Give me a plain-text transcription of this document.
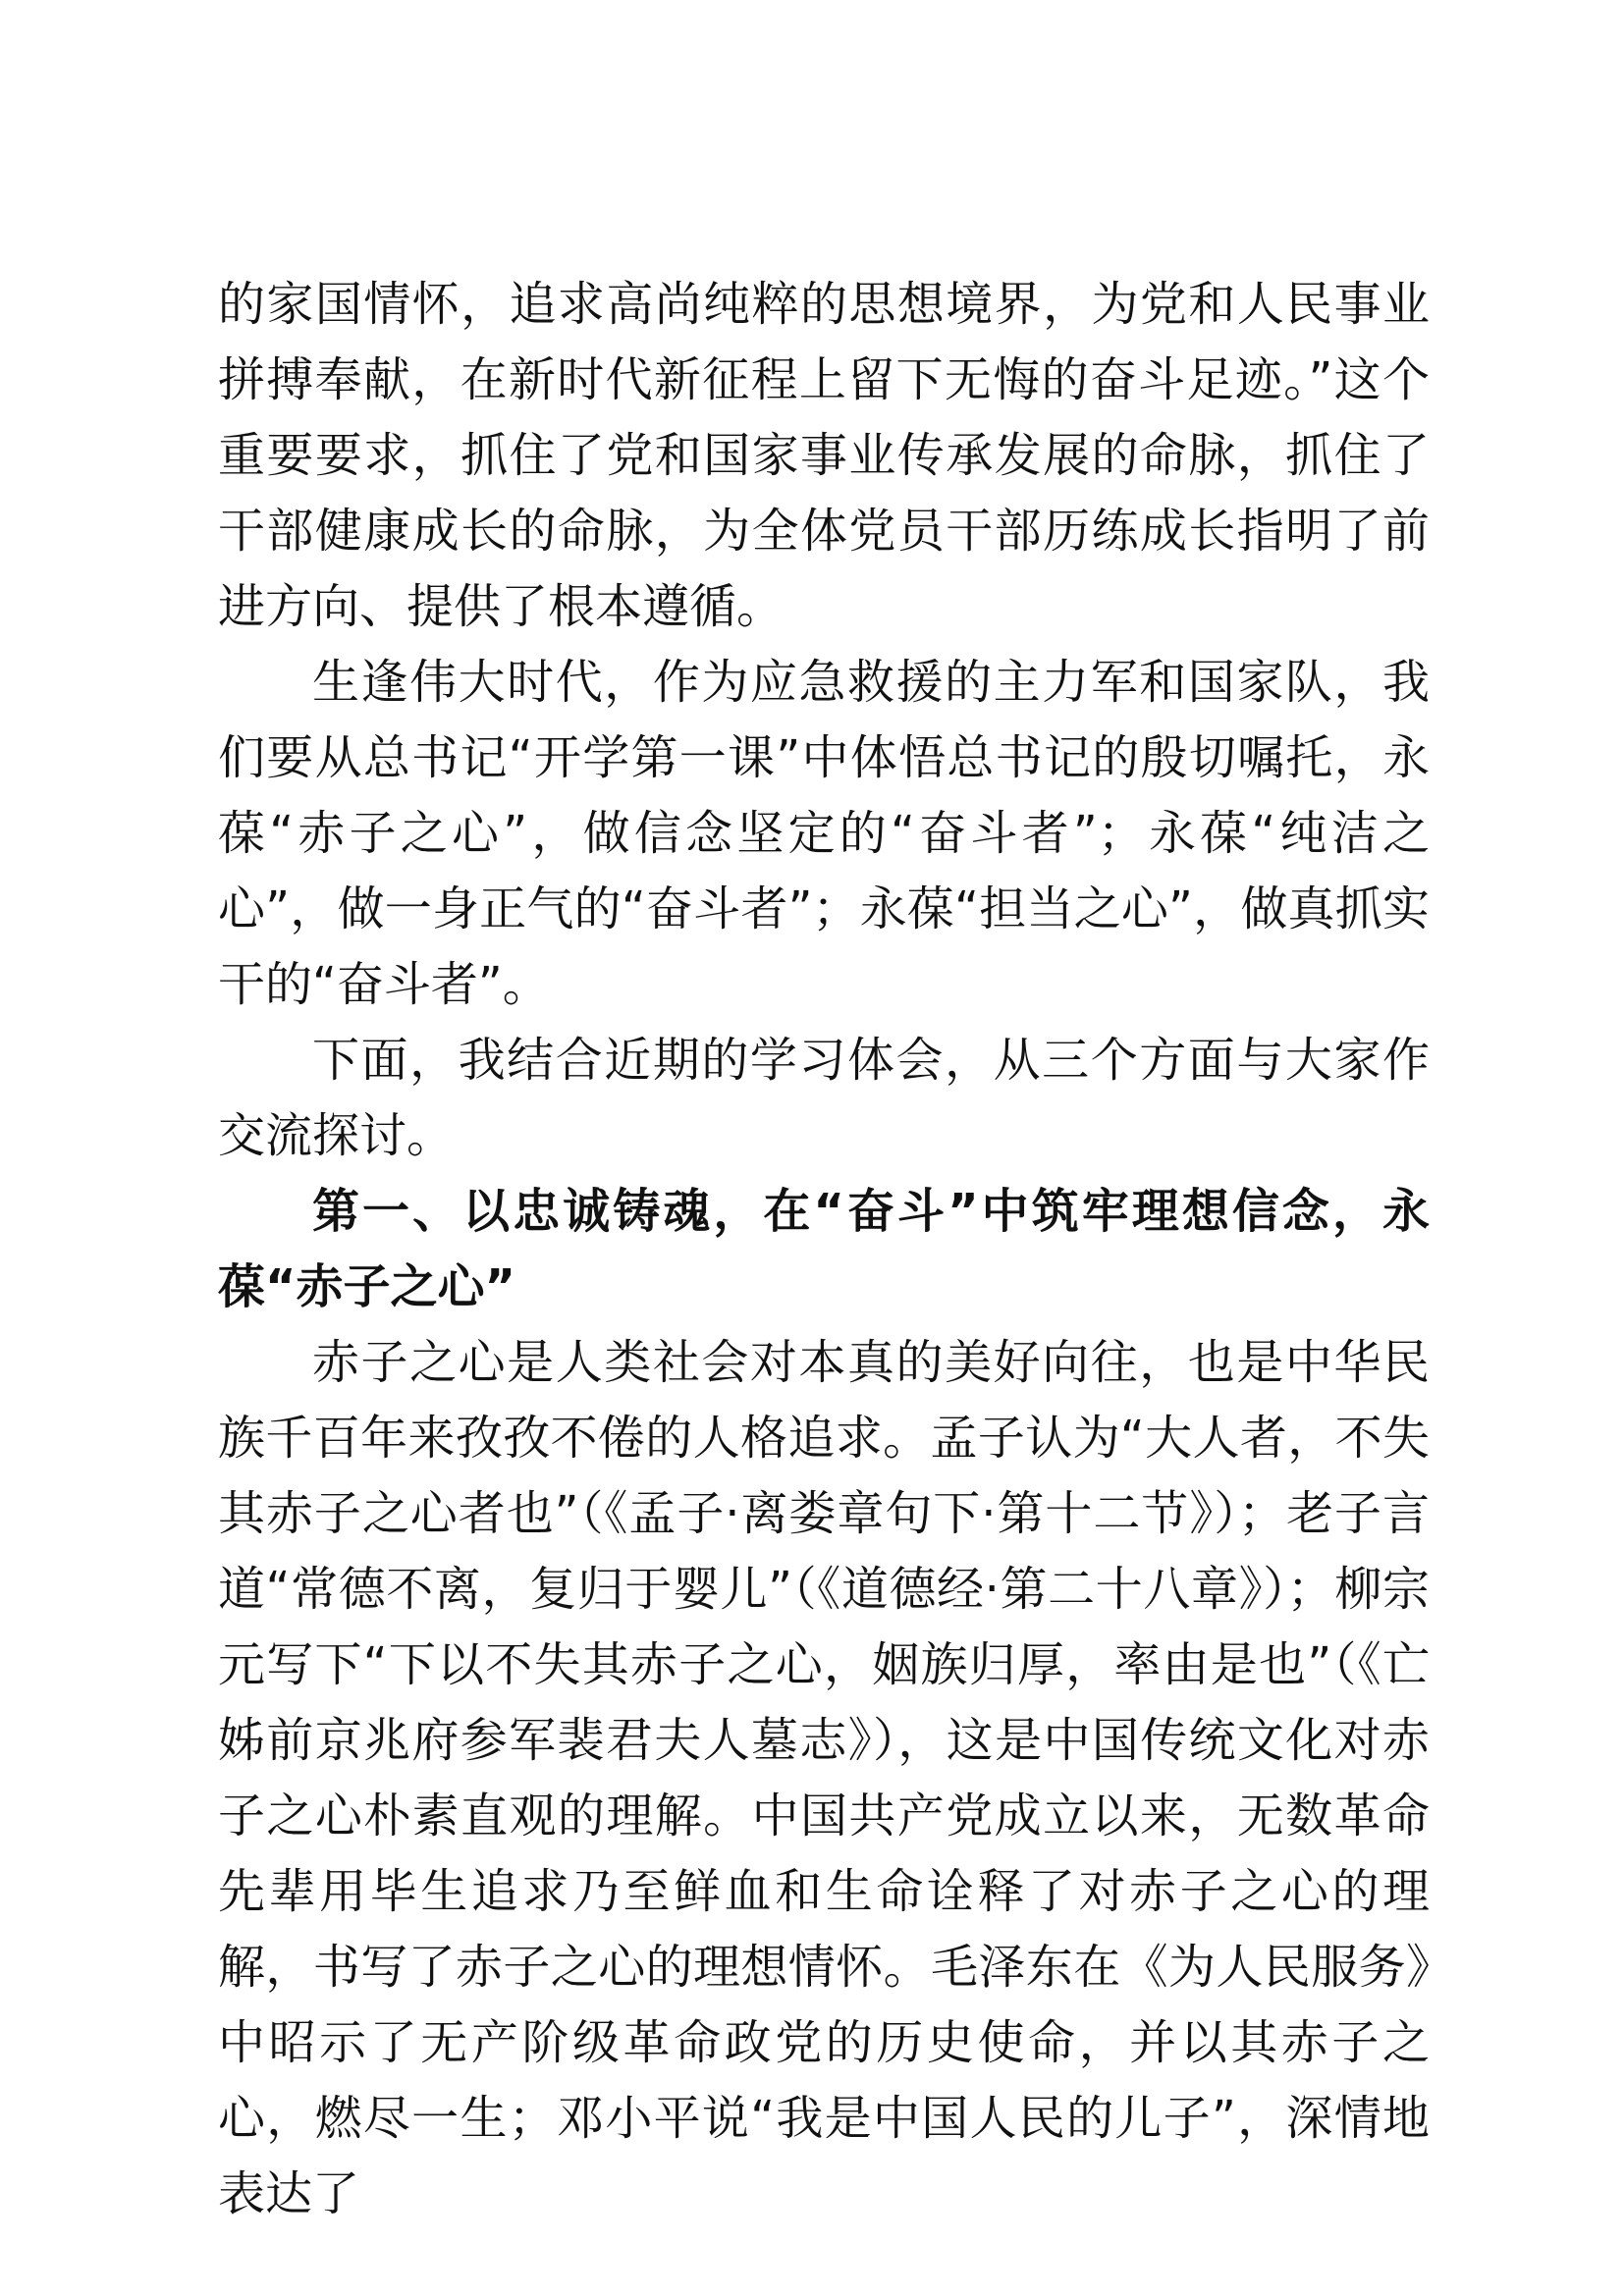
的家国情怀，追求高尚纯粹的思想境界，为党和人民事业拼搏奉献，在新时代新征程上留下无悔的奋斗足迹。”这个重要要求，抓住了党和国家事业传承发展的命脉，抓住了干部健康成长的命脉，为全体党员干部历练成长指明了前进方向、提供了根本遵循。

生逢伟大时代，作为应急救援的主力军和国家队，我们要从总书记“开学第一课”中体悟总书记的殷切嘱托，永葆“赤子之心”，做信念坚定的“奋斗者”；永葆“纯洁之心”，做一身正气的“奋斗者”；永葆“担当之心”，做真抓实干的“奋斗者”。

下面，我结合近期的学习体会，从三个方面与大家作交流探讨。

第一、以忠诚铸魂，在“奋斗”中筑牢理想信念，永葆“赤子之心”

赤子之心是人类社会对本真的美好向往，也是中华民族千百年来孜孜不倦的人格追求。孟子认为“大人者，不失其赤子之心者也”（《孟子·离娄章句下·第十二节》）；老子言道“常德不离，复归于婴儿”（《道德经·第二十八章》）；柳宗元写下“下以不失其赤子之心，姻族归厚，率由是也”（《亡姊前京兆府参军裴君夫人墓志》），这是中国传统文化对赤子之心朴素直观的理解。中国共产党成立以来，无数革命先辈用毕生追求乃至鲜血和生命诠释了对赤子之心的理解，书写了赤子之心的理想情怀。毛泽东在《为人民服务》中昭示了无产阶级革命政党的历史使命，并以其赤子之心，燃尽一生；邓小平说“我是中国人民的儿子”，深情地表达了
